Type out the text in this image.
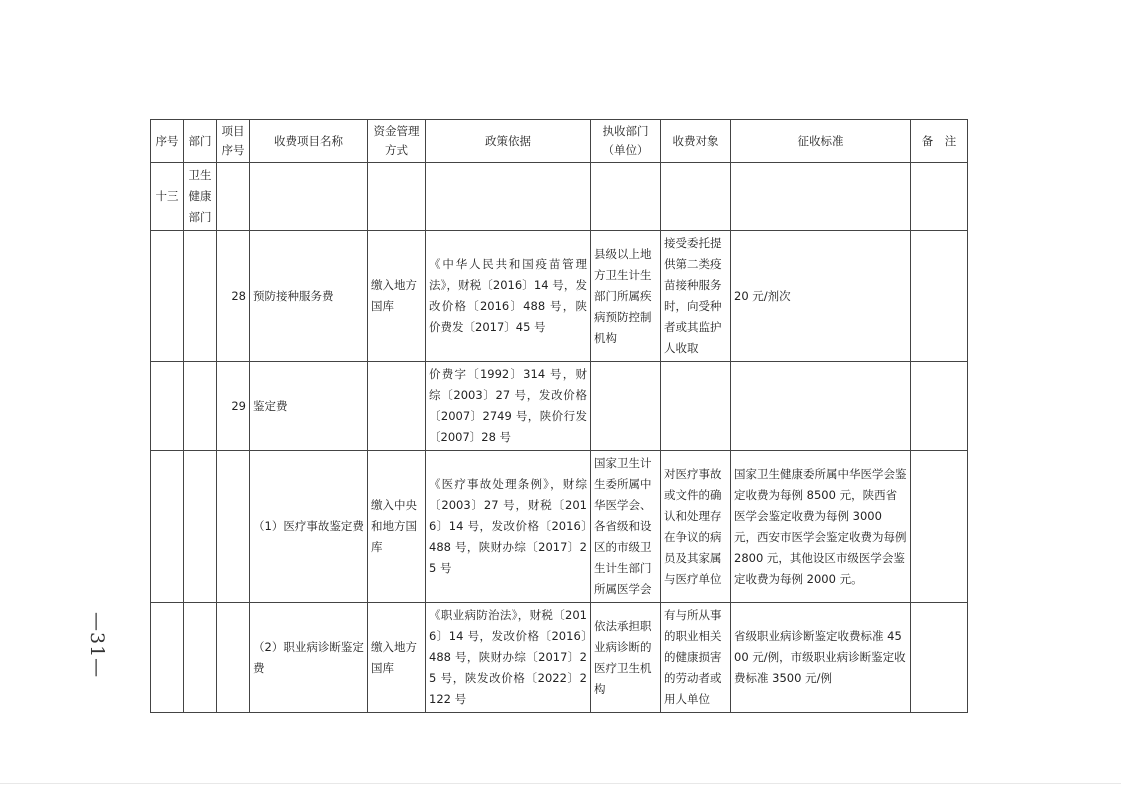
—31—
序号	部门	项目序号	收费项目名称	资金管理方式	政策依据	执收部门（单位）	收费对象	征收标准	备　注
十三	卫生健康部门								
		28	预防接种服务费	缴入地方国库	《中华人民共和国疫苗管理法》，财税〔2016〕14 号，发改价格〔2016〕488 号，陕价费发〔2017〕45 号	县级以上地方卫生计生部门所属疾病预防控制机构	接受委托提供第二类疫苗接种服务时，向受种者或其监护人收取	20 元/剂次	
		29	鉴定费		价费字〔1992〕314 号，财综〔2003〕27 号，发改价格〔2007〕2749 号，陕价行发〔2007〕28 号				
			（1）医疗事故鉴定费	缴入中央和地方国库	《医疗事故处理条例》，财综〔2003〕27 号，财税〔2016〕14 号，发改价格〔2016〕488 号，陕财办综〔2017〕25 号	国家卫生计生委所属中华医学会、各省级和设区的市级卫生计生部门所属医学会	对医疗事故或文件的确认和处理存在争议的病员及其家属与医疗单位	国家卫生健康委所属中华医学会鉴定收费为每例 8500 元，陕西省医学会鉴定收费为每例 3000 元，西安市医学会鉴定收费为每例 2800 元，其他设区市级医学会鉴定收费为每例 2000 元。	
			（2）职业病诊断鉴定费	缴入地方国库	《职业病防治法》，财税〔2016〕14 号，发改价格〔2016〕488 号，陕财办综〔2017〕25 号，陕发改价格〔2022〕2122 号	依法承担职业病诊断的医疗卫生机构	有与所从事的职业相关的健康损害的劳动者或用人单位	省级职业病诊断鉴定收费标准 4500 元/例，市级职业病诊断鉴定收费标准 3500 元/例	
